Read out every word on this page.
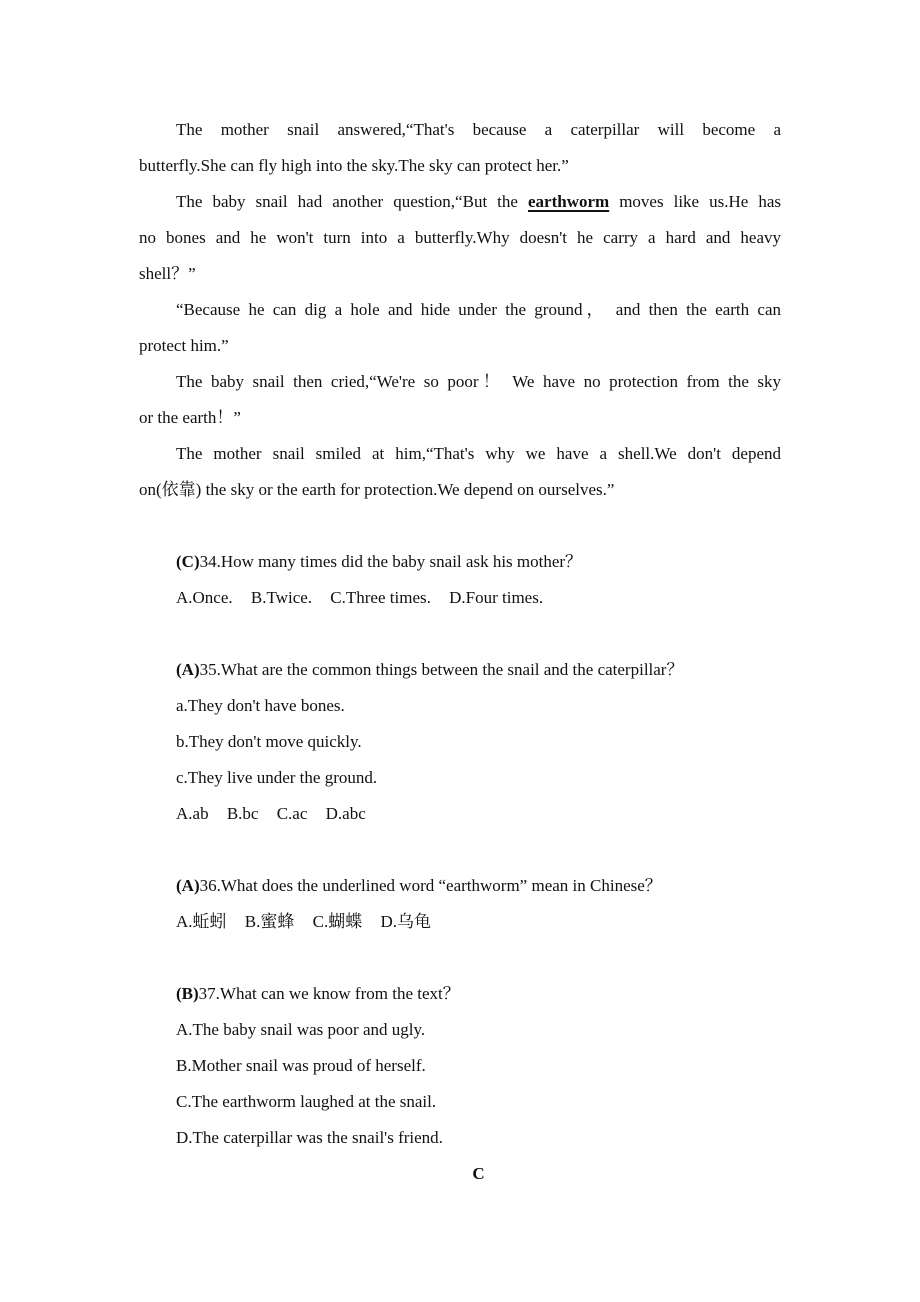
The mother snail answered,“That's because a caterpillar will become a
butterfly.She can fly high into the sky.The sky can protect her.”
The baby snail had another question,“But the earthworm moves like us.He has
no bones and he won't turn into a butterfly.Why doesn't he carry a hard and heavy
shell？”
“Because he can dig a hole and hide under the ground， and then the earth can
protect him.”
The baby snail then cried,“We're so poor！ We have no protection from the sky
or the earth！”
The mother snail smiled at him,“That's why we have a shell.We don't depend
on(依靠) the sky or the earth for protection.We depend on ourselves.”
(C)34.How many times did the baby snail ask his mother？
A.Once. B.Twice. C.Three times. D.Four times.
(A)35.What are the common things between the snail and the caterpillar？
a.They don't have bones.
b.They don't move quickly.
c.They live under the ground.
A.ab B.bc C.ac D.abc
(A)36.What does the underlined word “earthworm” mean in Chinese？
A.蚯蚓 B.蜜蜂 C.蝴蝶 D.乌龟
(B)37.What can we know from the text？
A.The baby snail was poor and ugly.
B.Mother snail was proud of herself.
C.The earthworm laughed at the snail.
D.The caterpillar was the snail's friend.
C
